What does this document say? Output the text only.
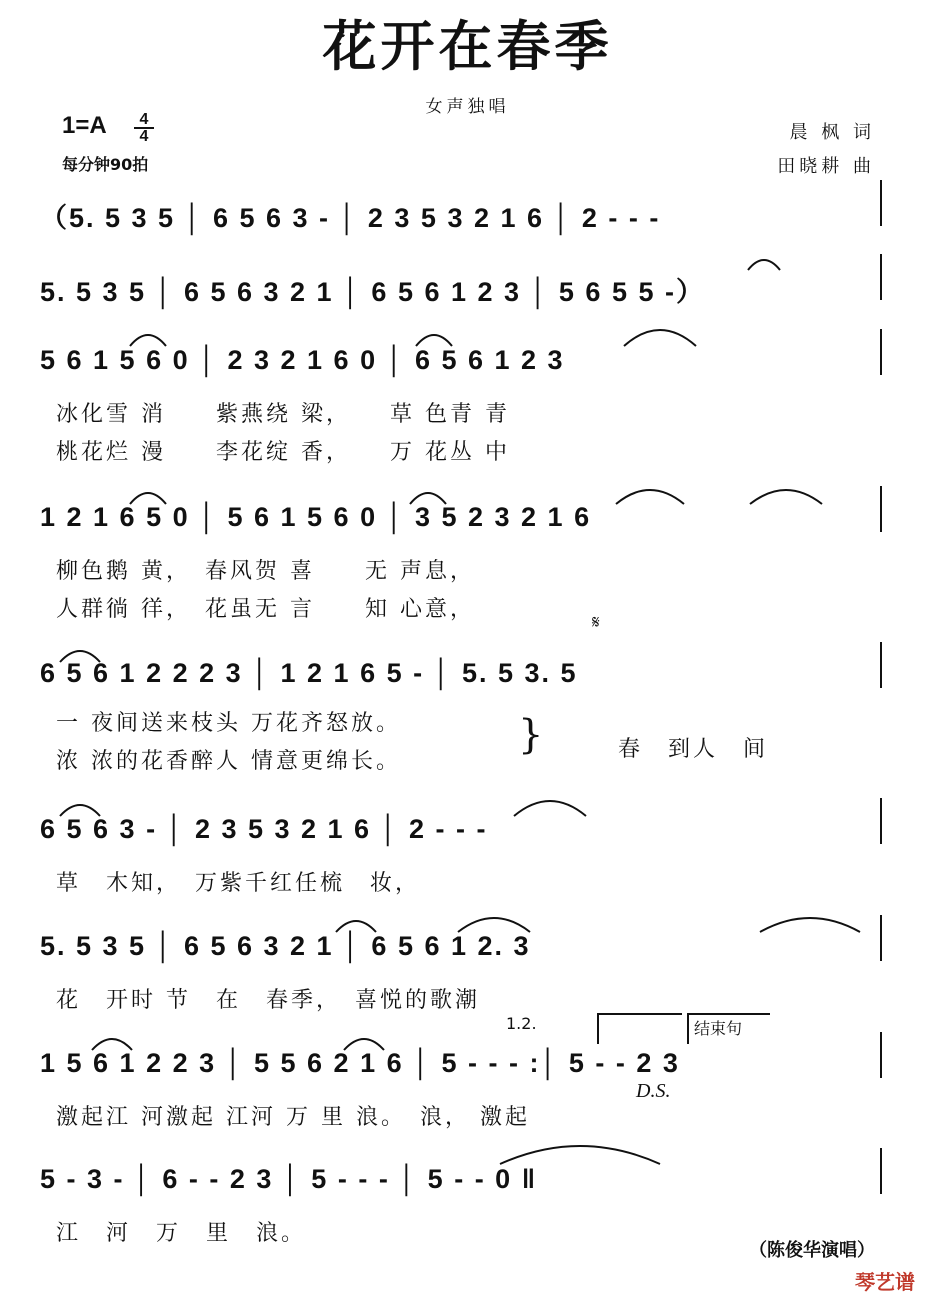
花开在春季
女声独唱
1=A	4
4
每分钟90拍
晨 枫 词
田晓耕 曲
（5. 5 3 5 │ 6 5 6 3 - │ 2 3 5 3 2 1 6 │ 2 - - -
5. 5 3 5 │ 6 5 6 3 2 1 │ 6 5 6 1 2 3 │ 5 6 5 5 -）
5 6 1 5 6 0 │ 2 3 2 1 6 0 │ 6 5 6 1 2 3
冰化雪 消　　紫燕绕 梁，　　草 色青 青
桃花烂 漫　　李花绽 香，　　万 花丛 中
1 2 1 6 5 0 │ 5 6 1 5 6 0 │ 3 5 2 3 2 1 6
柳色鹅 黄，　春风贺 喜　　无 声息，
人群徜 徉，　花虽无 言　　知 心意，
𝄋
6 5 6 1 2 2 2 3 │ 1 2 1 6 5 - │ 5. 5 3. 5
一 夜间送来枝头 万花齐怒放。
浓 浓的花香醉人 情意更绵长。
}	春　到人　间
6 5 6 3 - │ 2 3 5 3 2 1 6 │ 2 - - -
草　木知，　万紫千红任梳　妆，
5. 5 3 5 │ 6 5 6 3 2 1 │ 6 5 6 1 2. 3
花　开时 节　在　春季，　喜悦的歌潮
1.2.	结束句
1 5 6 1 2 2 3 │ 5 5 6 2 1 6 │ 5 - - - :│ 5 - - 2 3
D.S.
激起江 河激起 江河 万 里 浪。　浪， 激起
5 - 3 - │ 6 - - 2 3 │ 5 - - - │ 5 - - 0 ‖
江　河　万　里　浪。
（陈俊华演唱）
琴艺谱
